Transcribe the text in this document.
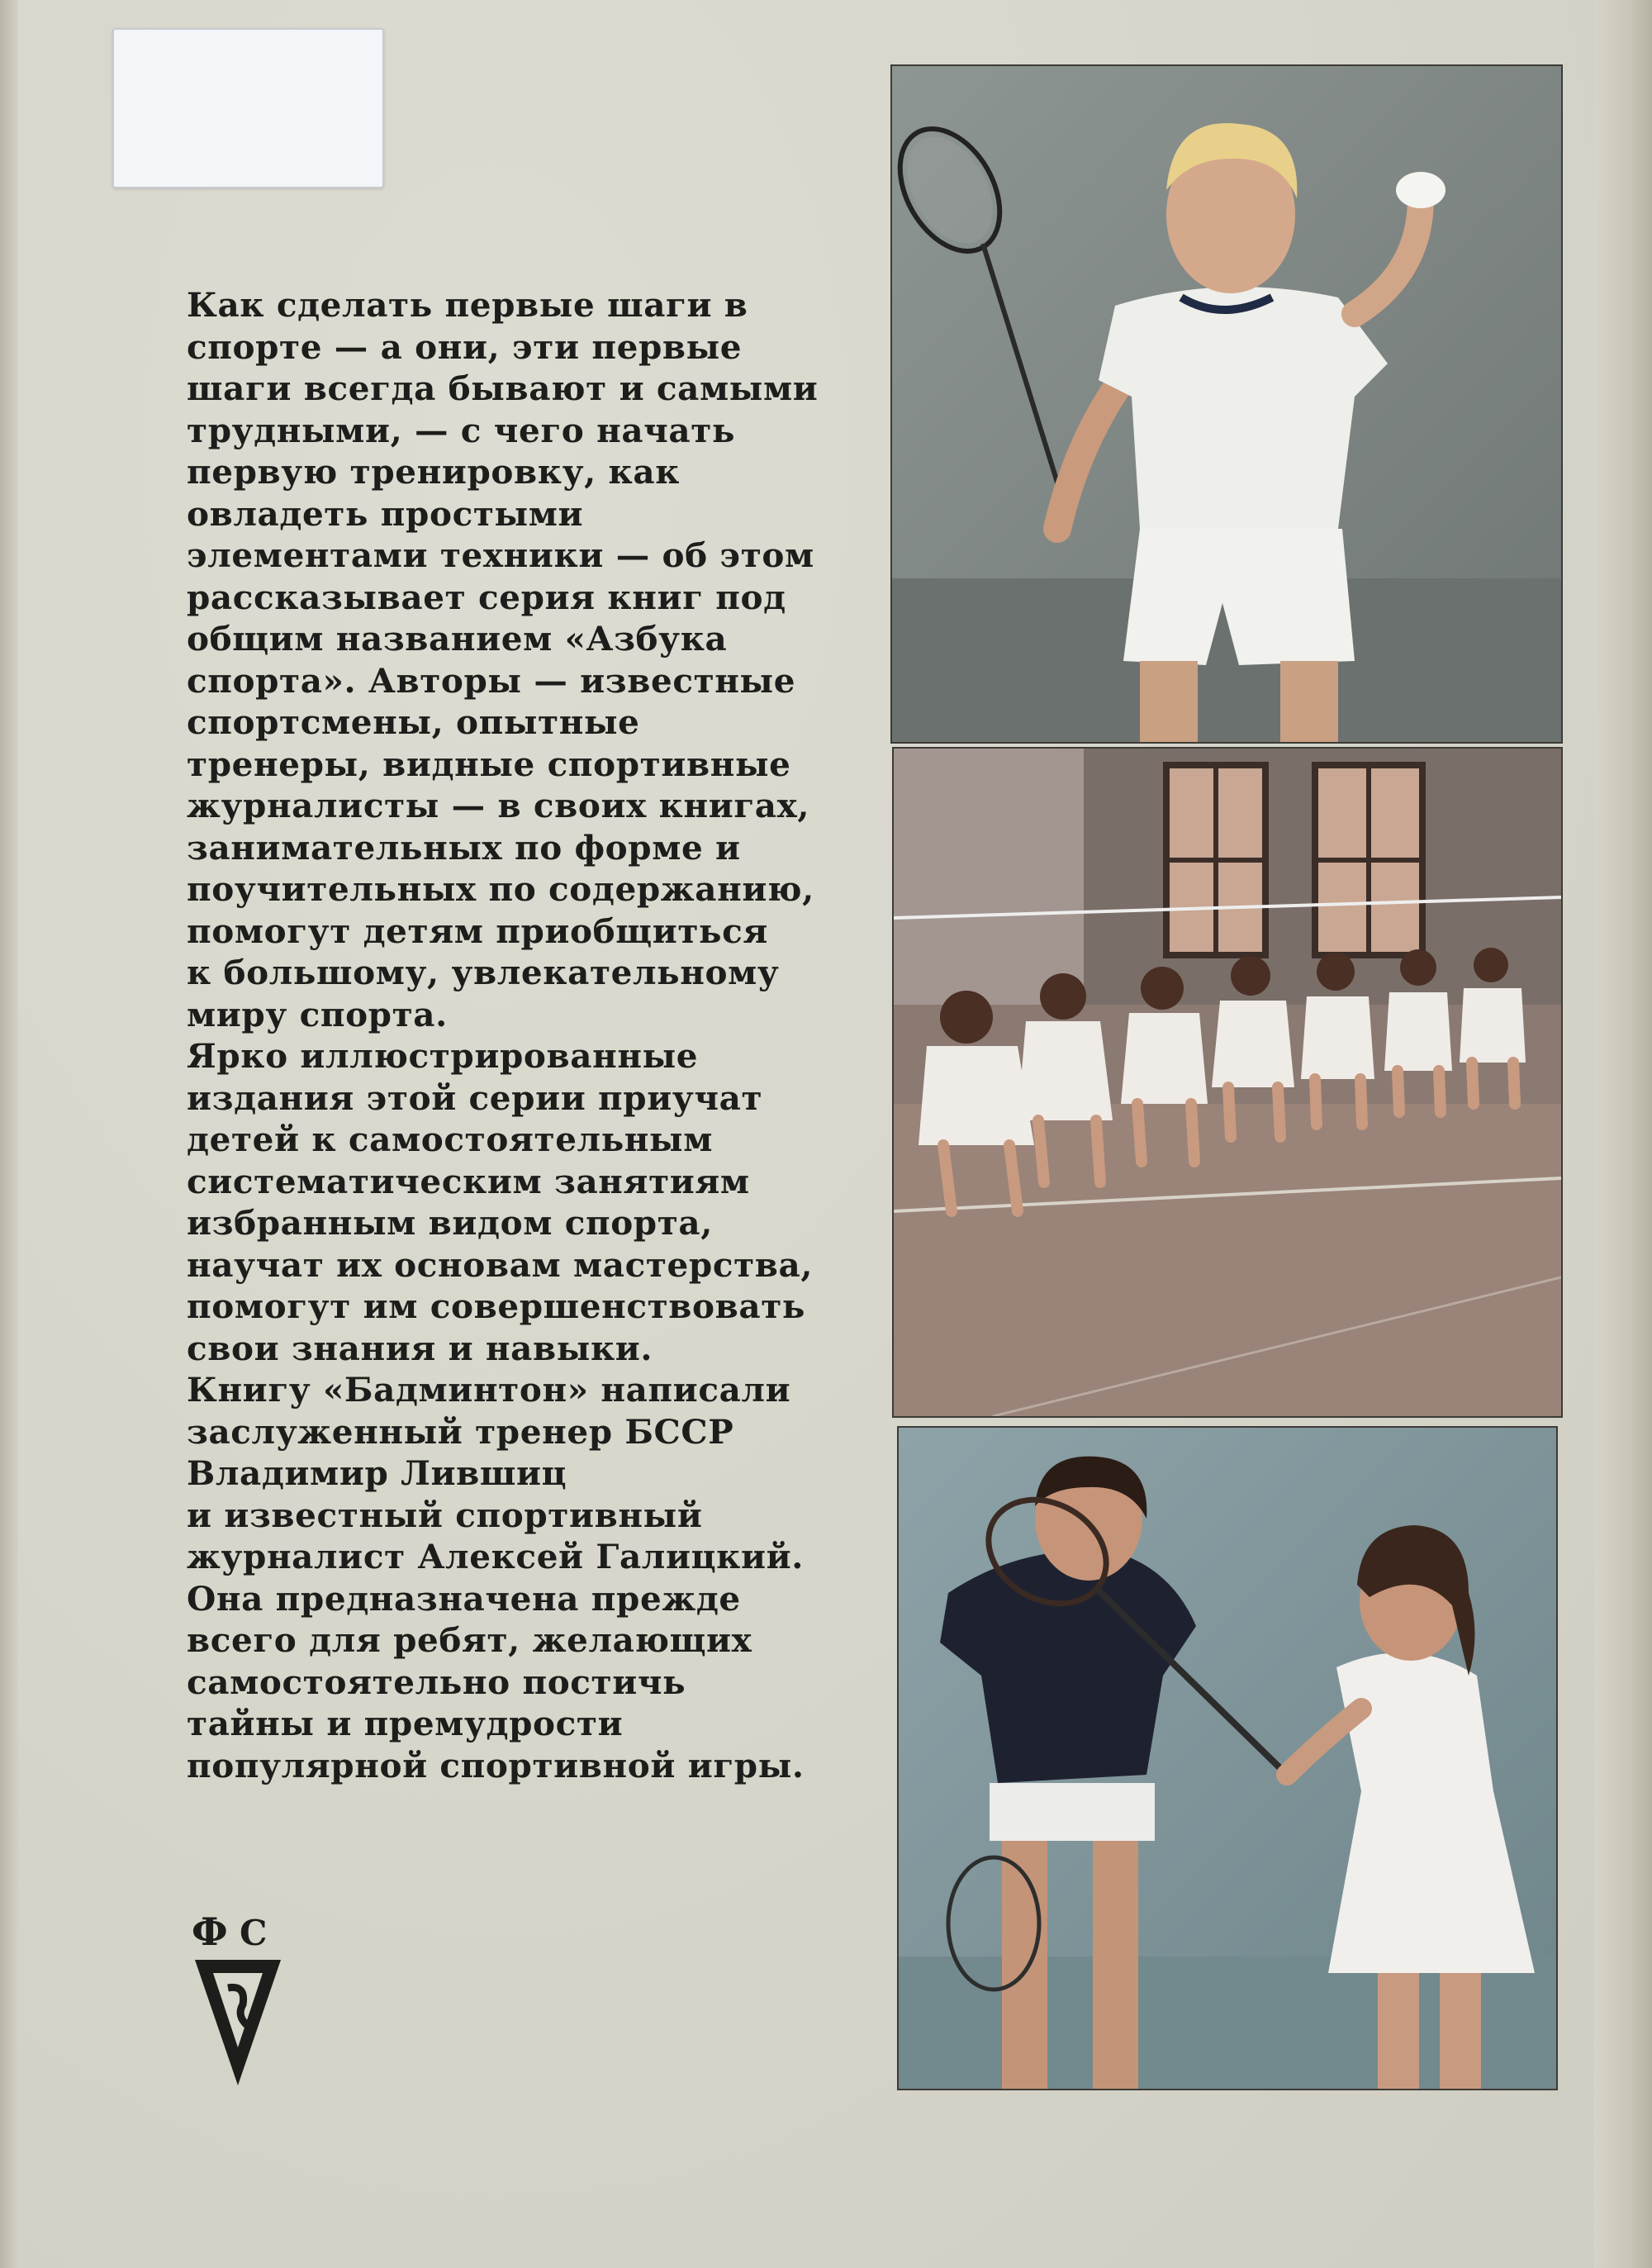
Как сделать первые шаги в
спорте — а они, эти первые
шаги всегда бывают и самыми
трудными, — с чего начать
первую тренировку, как
овладеть простыми
элементами техники — об этом
рассказывает серия книг под
общим названием «Азбука
спорта». Авторы — известные
спортсмены, опытные
тренеры, видные спортивные
журналисты — в своих книгах,
занимательных по форме и
поучительных по содержанию,
помогут детям приобщиться
к большому, увлекательному
миру спорта.
Ярко иллюстрированные
издания этой серии приучат
детей к самостоятельным
систематическим занятиям
избранным видом спорта,
научат их основам мастерства,
помогут им совершенствовать
свои знания и навыки.
Книгу «Бадминтон» написали
заслуженный тренер БССР
Владимир Лившиц
и известный спортивный
журналист Алексей Галицкий.
Она предназначена прежде
всего для ребят, желающих
самостоятельно постичь
тайны и премудрости
популярной спортивной игры.
Ф С
